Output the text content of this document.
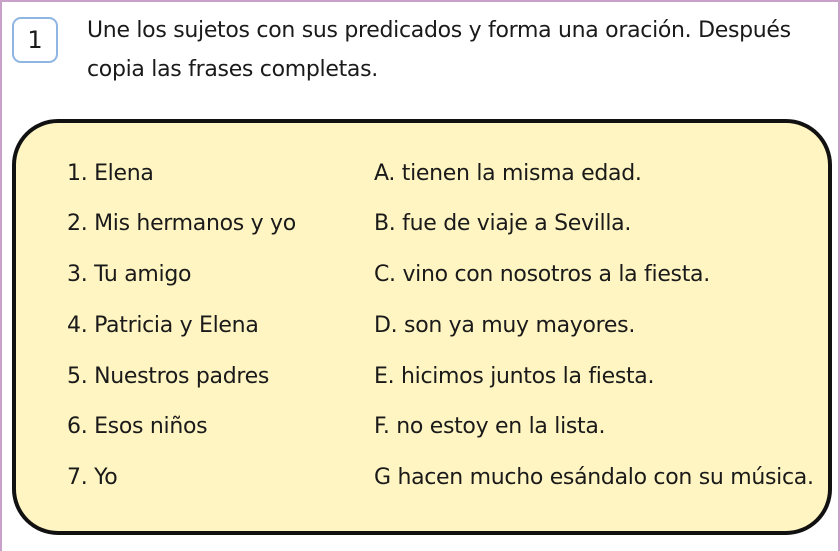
1 Une los sujetos con sus predicados y forma una oración. Después copia las frases completas.

1. Elena
2. Mis hermanos y yo
3. Tu amigo
4. Patricia y Elena
5. Nuestros padres
6. Esos niños
7. Yo
A. tienen la misma edad.
B. fue de viaje a Sevilla.
C. vino con nosotros a la fiesta.
D. son ya muy mayores.
E. hicimos juntos la fiesta.
F. no estoy en la lista.
G hacen mucho esándalo con su música.
